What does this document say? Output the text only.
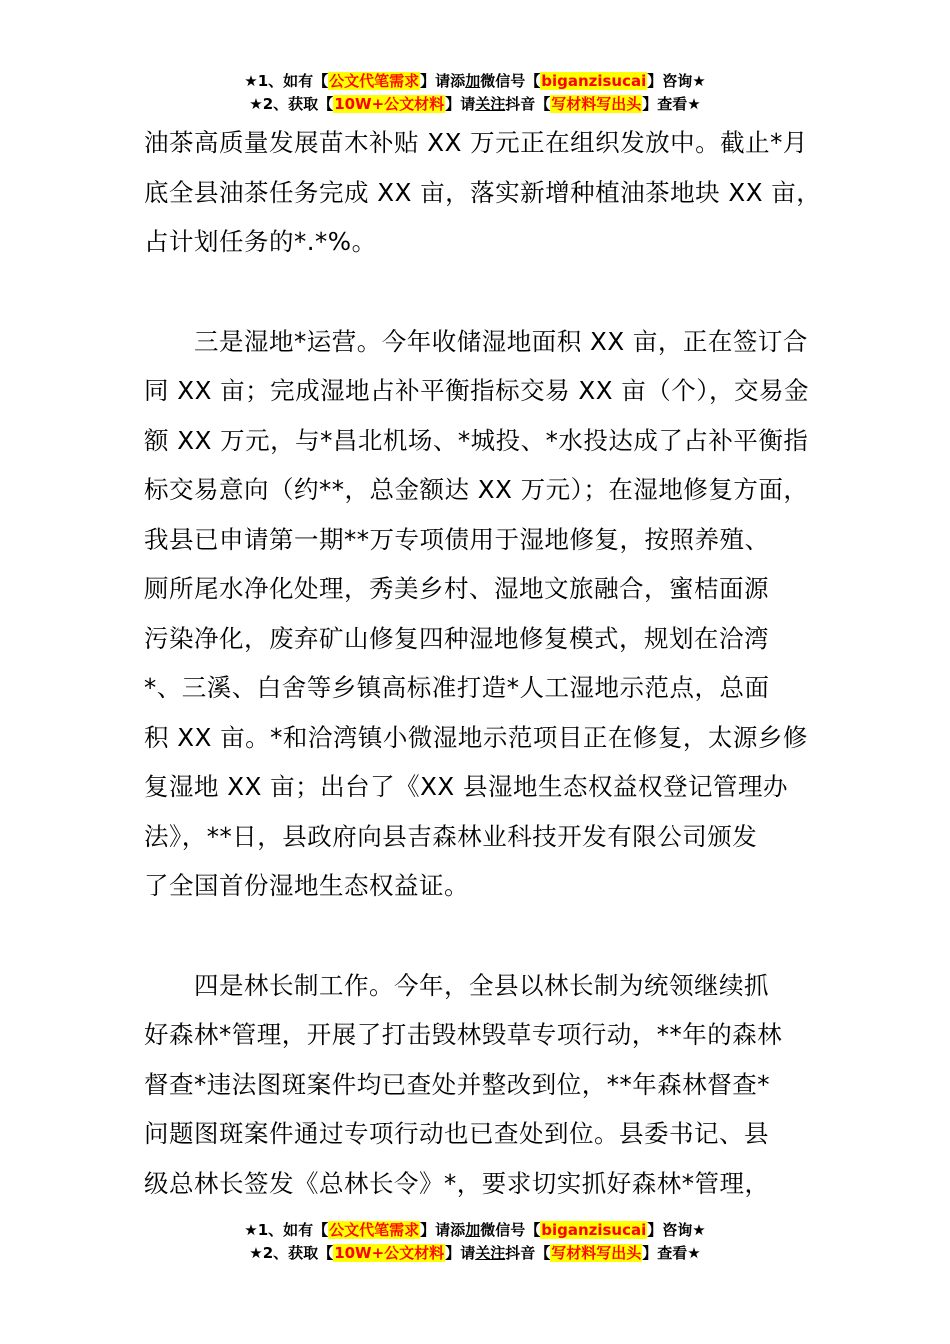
★1、如有【公文代笔需求】请添加微信号【biganzisucai】咨询★
★2、获取【10W+公文材料】请关注抖音【写材料写出头】查看★
油茶高质量发展苗木补贴 XX 万元正在组织发放中。截止*月
底全县油茶任务完成 XX 亩，落实新增种植油茶地块 XX 亩，
占计划任务的*.*%。
三是湿地*运营。今年收储湿地面积 XX 亩，正在签订合
同 XX 亩；完成湿地占补平衡指标交易 XX 亩（个），交易金
额 XX 万元，与*昌北机场、*城投、*水投达成了占补平衡指
标交易意向（约**，总金额达 XX 万元）；在湿地修复方面，
我县已申请第一期**万专项债用于湿地修复，按照养殖、
厕所尾水净化处理，秀美乡村、湿地文旅融合，蜜桔面源
污染净化，废弃矿山修复四种湿地修复模式，规划在洽湾
*、三溪、白舍等乡镇高标准打造*人工湿地示范点，总面
积 XX 亩。*和洽湾镇小微湿地示范项目正在修复，太源乡修
复湿地 XX 亩；出台了《XX 县湿地生态权益权登记管理办
法》，**日，县政府向县吉森林业科技开发有限公司颁发
了全国首份湿地生态权益证。
四是林长制工作。今年，全县以林长制为统领继续抓
好森林*管理，开展了打击毁林毁草专项行动，**年的森林
督查*违法图斑案件均已查处并整改到位，**年森林督查*
问题图斑案件通过专项行动也已查处到位。县委书记、县
级总林长签发《总林长令》*，要求切实抓好森林*管理，
★1、如有【公文代笔需求】请添加微信号【biganzisucai】咨询★
★2、获取【10W+公文材料】请关注抖音【写材料写出头】查看★
